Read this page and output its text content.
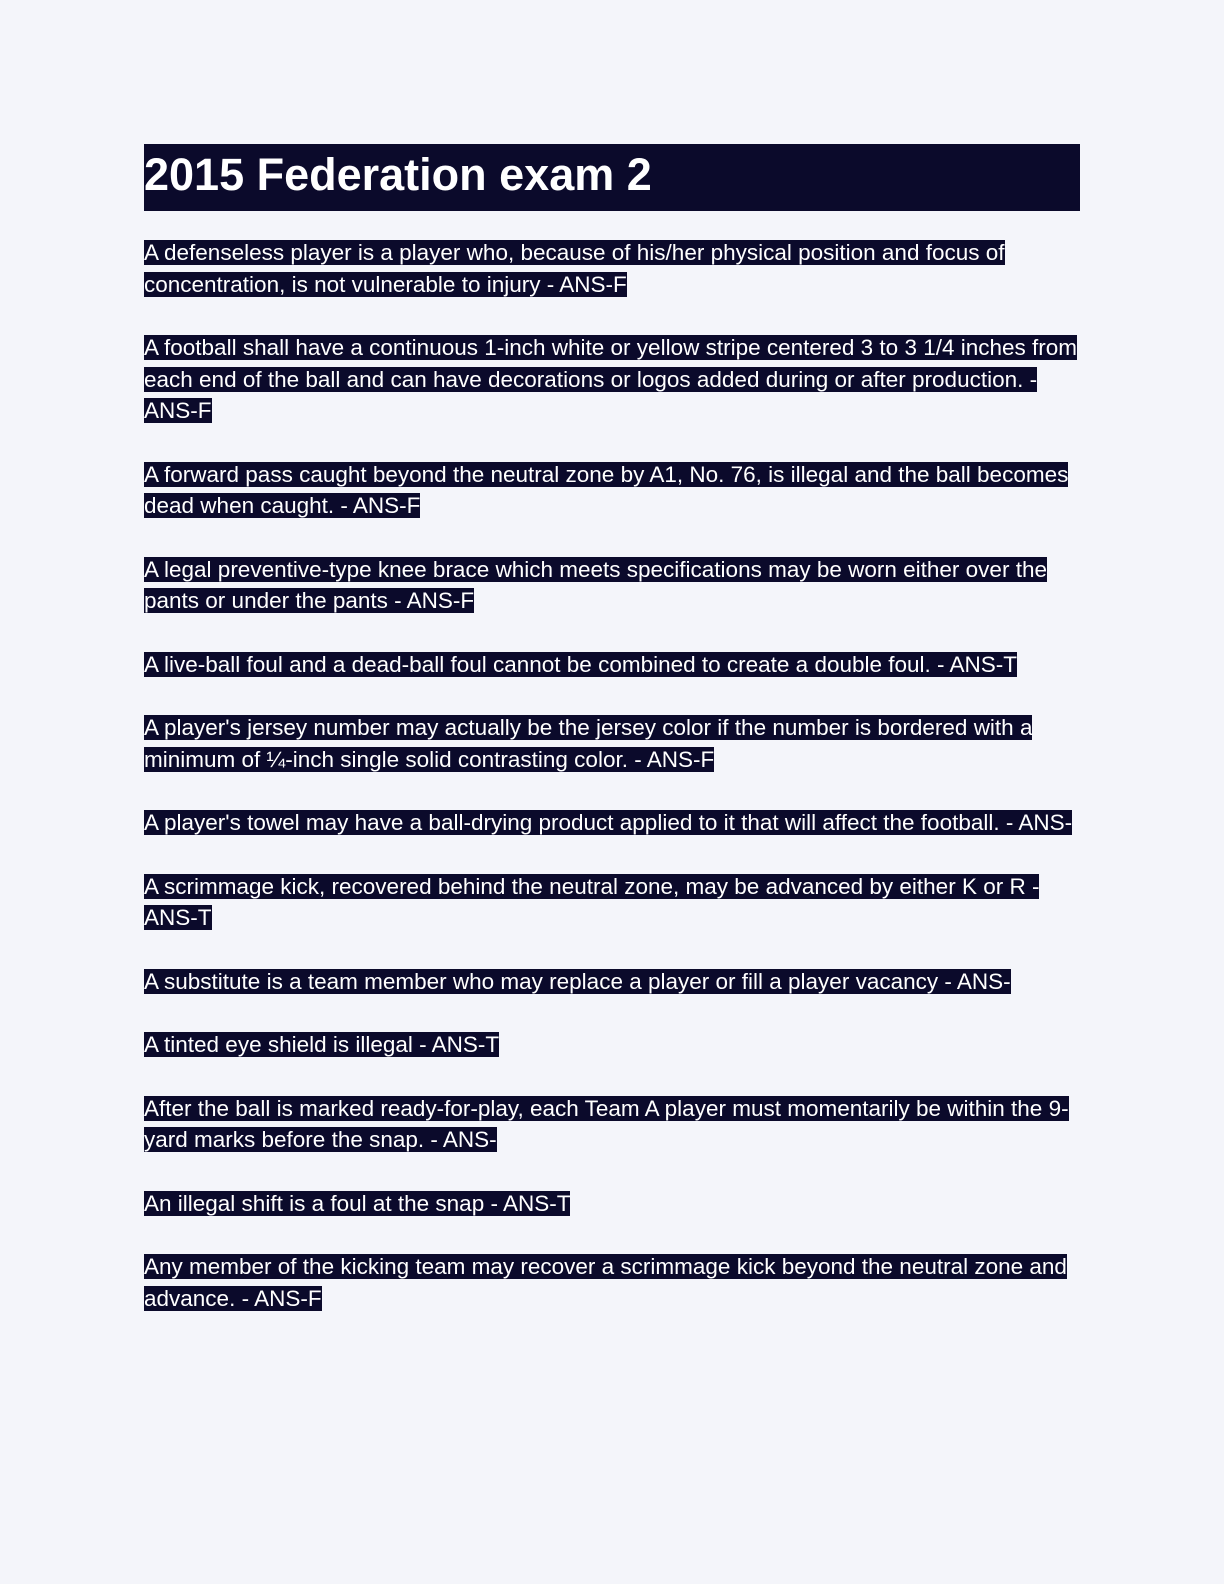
2015 Federation exam 2

A defenseless player is a player who, because of his/her physical position and focus of concentration, is not vulnerable to injury - ANS-F

A football shall have a continuous 1-inch white or yellow stripe centered 3 to 3 1/4 inches from each end of the ball and can have decorations or logos added during or after production. - ANS-F

A forward pass caught beyond the neutral zone by A1, No. 76, is illegal and the ball becomes dead when caught. - ANS-F

A legal preventive-type knee brace which meets specifications may be worn either over the pants or under the pants - ANS-F

A live-ball foul and a dead-ball foul cannot be combined to create a double foul. - ANS-T

A player's jersey number may actually be the jersey color if the number is bordered with a minimum of ¼-inch single solid contrasting color. - ANS-F

A player's towel may have a ball-drying product applied to it that will affect the football. - ANS-

A scrimmage kick, recovered behind the neutral zone, may be advanced by either K or R - ANS-T

A substitute is a team member who may replace a player or fill a player vacancy - ANS-

A tinted eye shield is illegal - ANS-T

After the ball is marked ready-for-play, each Team A player must momentarily be within the 9-yard marks before the snap. - ANS-

An illegal shift is a foul at the snap - ANS-T

Any member of the kicking team may recover a scrimmage kick beyond the neutral zone and advance. - ANS-F
